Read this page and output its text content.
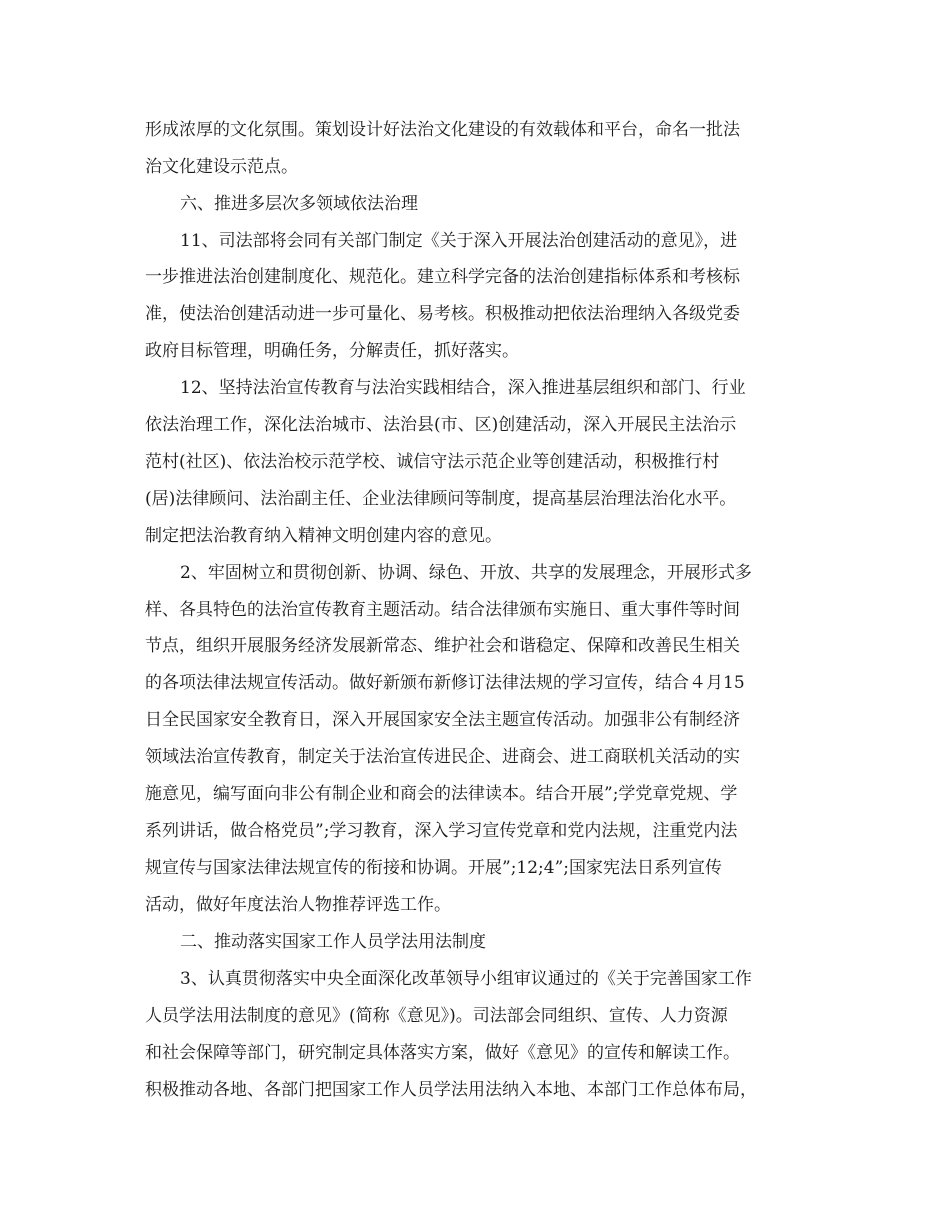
形成浓厚的文化氛围。策划设计好法治文化建设的有效载体和平台，命名一批法
治文化建设示范点。
六、推进多层次多领域依法治理
11、司法部将会同有关部门制定《关于深入开展法治创建活动的意见》，进
一步推进法治创建制度化、规范化。建立科学完备的法治创建指标体系和考核标
准，使法治创建活动进一步可量化、易考核。积极推动把依法治理纳入各级党委
政府目标管理，明确任务，分解责任，抓好落实。
12、坚持法治宣传教育与法治实践相结合，深入推进基层组织和部门、行业
依法治理工作，深化法治城市、法治县(市、区)创建活动，深入开展民主法治示
范村(社区)、依法治校示范学校、诚信守法示范企业等创建活动，积极推行村
(居)法律顾问、法治副主任、企业法律顾问等制度，提高基层治理法治化水平。
制定把法治教育纳入精神文明创建内容的意见。
2、牢固树立和贯彻创新、协调、绿色、开放、共享的发展理念，开展形式多
样、各具特色的法治宣传教育主题活动。结合法律颁布实施日、重大事件等时间
节点，组织开展服务经济发展新常态、维护社会和谐稳定、保障和改善民生相关
的各项法律法规宣传活动。做好新颁布新修订法律法规的学习宣传，结合４月15
日全民国家安全教育日，深入开展国家安全法主题宣传活动。加强非公有制经济
领域法治宣传教育，制定关于法治宣传进民企、进商会、进工商联机关活动的实
施意见，编写面向非公有制企业和商会的法律读本。结合开展”;学党章党规、学
系列讲话，做合格党员”;学习教育，深入学习宣传党章和党内法规，注重党内法
规宣传与国家法律法规宣传的衔接和协调。开展”;12;4”;国家宪法日系列宣传
活动，做好年度法治人物推荐评选工作。
二、推动落实国家工作人员学法用法制度
3、认真贯彻落实中央全面深化改革领导小组审议通过的《关于完善国家工作
人员学法用法制度的意见》(简称《意见》)。司法部会同组织、宣传、人力资源
和社会保障等部门，研究制定具体落实方案，做好《意见》的宣传和解读工作。
积极推动各地、各部门把国家工作人员学法用法纳入本地、本部门工作总体布局，
